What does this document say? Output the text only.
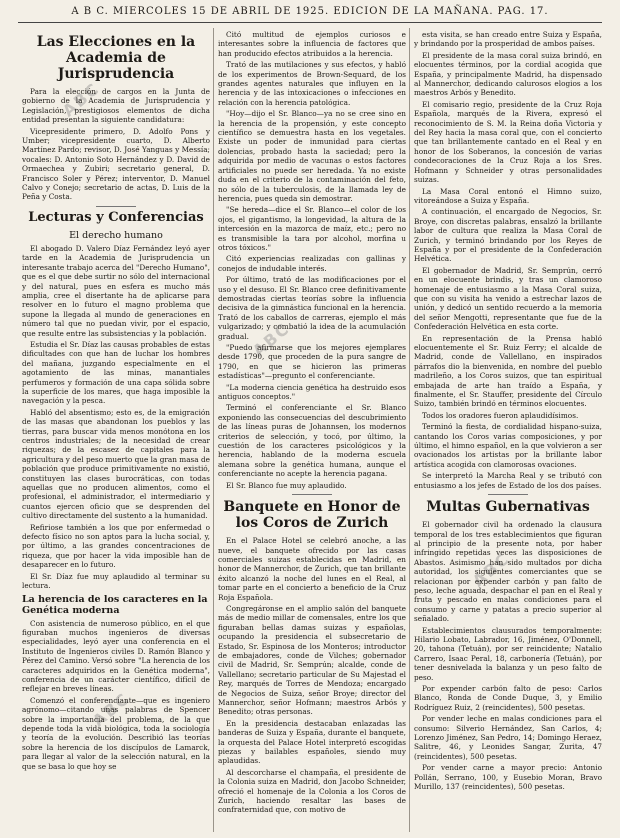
A B C. MIERCOLES 15 DE ABRIL DE 1925. EDICION DE LA MAÑANA. PAG. 17.
ABC
ABC
ABC
ABC
Las Elecciones en la Academia de Jurisprudencia

Para la elección de cargos en la Junta de gobierno de la Academia de Jurisprudencia y Legislación, prestigiosos elementos de dicha entidad presentan la siguiente candidatura:

Vicepresidente primero, D. Adolfo Pons y Umber; vicepresidente cuarto, D. Alberto Martínez Pardo; revisor, D. José Yanguas y Messía; vocales: D. Antonio Soto Hernández y D. David de Ormaechea y Zubiri; secretario general, D. Francisco Soler y Pérez; interventor, D. Manuel Calvo y Conejo; secretario de actas, D. Luis de la Peña y Costa.

Lecturas y Conferencias
El derecho humano

El abogado D. Valero Díaz Fernández leyó ayer tarde en la Academia de Jurisprudencia un interesante trabajo acerca del "Derecho Humano", que es el que debe surtir no sólo del internacional y del natural, pues en esfera es mucho más amplia, cree el disertante ha de aplicarse para resolver en lo futuro el magno problema que supone la llegada al mundo de generaciones en número tal que no puedan vivir, por el espacio, que resulte entre las subsistencias y la población.

Estudia el Sr. Díaz las causas probables de estas dificultades con que han de luchar los hombres del mañana, juzgando especialmente en el agotamiento de las minas, manantiales perfumeros y formación de una capa sólida sobre la superficie de los mares, que haga imposible la navegación y la pesca.

Habló del absentismo; esto es, de la emigración de las masas que abandonan los pueblos y las tierras, para buscar vida menos monótona en los centros industriales; de la necesidad de crear riquezas; de la escasez de capitales para la agricultura y del peso muerto que la gran masa de población que produce primitivamente no existió, constituyen las clases burocráticas, con todas aquellas que no producen alimentos, como el profesional, el administrador, el intermediario y cuantos ejercen oficio que se desprenden del cultivo directamente del sustento a la humanidad.

Refiriose también a los que por enfermedad o defecto físico no son aptos para la lucha social, y, por último, a las grandes concentraciones de riqueza, que por hacer la vida imposible han de desaparecer en lo futuro.

El Sr. Díaz fue muy aplaudido al terminar su lectura.

La herencia de los caracteres en la Genética moderna

Con asistencia de numeroso público, en el que figuraban muchos ingenieros de diversas especialidades, leyó ayer una conferencia en el Instituto de Ingenieros civiles D. Ramón Blanco y Pérez del Camino. Versó sobre "La herencia de los caracteres adquiridos en la Genética moderna", conferencia de un carácter científico, difícil de reflejar en breves líneas.

Comenzó el conferenciante—que es ingeniero agrónomo—citando unas palabras de Spencer sobre la importancia del problema, de la que depende toda la vida biológica, toda la sociología y teoría de la evolución. Describió las teorías sobre la herencia de los discípulos de Lamarck, para llegar al valor de la selección natural, en la que se basa lo que hoy se

Citó multitud de ejemplos curiosos e interesantes sobre la influencia de factores que han producido efectos atribuidos a la herencia.

Trató de las mutilaciones y sus efectos, y habló de los experimentos de Brown-Sequard, de los grandes agentes naturales que influyen en la herencia y de las intoxicaciones o infecciones en relación con la herencia patológica.

"Hoy—dijo el Sr. Blanco—ya no se cree sino en la herencia de la propensión, y este concepto científico se demuestra hasta en los vegetales. Existe un poder de inmunidad para ciertas dolencias, probado hasta la saciedad; pero la adquirida por medio de vacunas o estos factores artificiales no puede ser heredada. Ya no existe duda en el criterio de la contaminación del feto, no sólo de la tuberculosis, de la llamada ley de herencia, pues queda sin demostrar.

"Se hereda—dice el Sr. Blanco—el color de los ojos, el gigantismo, la longevidad, la altura de la intercesión en la mazorca de maíz, etc.; pero no es transmisible la tara por alcohol, morfina u otros tóxicos."

Citó experiencias realizadas con gallinas y conejos de indudable interés.

Por último, trató de las modificaciones por el uso y el desuso. El Sr. Blanco cree definitivamente demostradas ciertas teorías sobre la influencia decisiva de la gimnástica funcional en la herencia. Trató de los caballos de carreras, ejemplo el más vulgarizado; y combatió la idea de la acumulación gradual.

"Puedo afirmarse que los mejores ejemplares desde 1790, que proceden de la pura sangre de 1790, en que se hicieron las primeras estadísticas"—pregunto el conferenciante.

"La moderna ciencia genética ha destruido esos antiguos conceptos."

Terminó el conferenciante el Sr. Blanco exponiendo las consecuencias del descubrimiento de las líneas puras de Johannsen, los modernos criterios de selección, y tocó, por último, la cuestión de los caracteres psicológicos y la herencia, hablando de la moderna escuela alemana sobre la genética humana, aunque el conferenciante no acepte la herencia pagana.

El Sr. Blanco fue muy aplaudido.

Banquete en Honor de los Coros de Zurich

En el Palace Hotel se celebró anoche, a las nueve, el banquete ofrecido por las casas comerciales suizas establecidas en Madrid, en honor de Mannerchor, de Zurich, que tan brillante éxito alcanzó la noche del lunes en el Real, al tomar parte en el concierto a beneficio de la Cruz Roja Española.

Congregáronse en el amplio salón del banquete más de medio millar de comensales, entre los que figuraban bellas damas suizas y españolas, ocupando la presidencia el subsecretario de Estado, Sr. Espinosa de los Monteros; introductor de embajadores, conde de Vilches; gobernador civil de Madrid, Sr. Semprún; alcalde, conde de Vallellano; secretario particular de Su Majestad el Rey, marqués de Torres de Mendoza; encargado de Negocios de Suiza, señor Broye; director del Mannerchor, señor Hofmann; maestros Arbós y Benedito; otras personas.

En la presidencia destacaban enlazadas las banderas de Suiza y España, durante el banquete, la orquesta del Palace Hotel interpretó escogidas piezas y bailables españoles, siendo muy aplaudidas.

Al descorcharse el champaña, el presidente de la Colonia suiza en Madrid, don Jacobo Schneider, ofreció el homenaje de la Colonia a los Coros de Zurich, haciendo resaltar las bases de confraternidad que, con motivo de

esta visita, se han creado entre Suiza y España, y brindando por la prosperidad de ambos países.

El presidente de la masa coral suiza brindó, en elocuentes términos, por la cordial acogida que España, y principalmente Madrid, ha dispensado al Mannerchor, dedicando calurosos elogios a los maestros Arbós y Benedito.

El comisario regio, presidente de la Cruz Roja Española, marqués de la Rivera, expresó el reconocimiento de S. M. la Reina doña Victoria y del Rey hacia la masa coral que, con el concierto que tan brillantemente cantado en el Real y en honor de los Soberanos, la concesión de varias condecoraciones de la Cruz Roja a los Sres. Hofmann y Schneider y otras personalidades suizas.

La Masa Coral entonó el Himno suizo, vitoreándose a Suiza y España.

A continuación, el encargado de Negocios, Sr. Broye, con discretas palabras, ensalzó la brillante labor de cultura que realiza la Masa Coral de Zurich, y terminó brindando por los Reyes de España y por el presidente de la Confederación Helvética.

El gobernador de Madrid, Sr. Semprún, cerró en un elocuente brindis, y tras un clamoroso homenaje de entusiasmo a la Masa Coral suiza, que con su visita ha venido a estrechar lazos de unión, y dedicó un sentido recuerdo a la memoria del señor Mengotti, representante que fue de la Confederación Helvética en esta corte.

En representación de la Prensa habló elocuentemente el Sr. Ruiz Ferry; el alcalde de Madrid, conde de Vallellano, en inspirados párrafos dio la bienvenida, en nombre del pueblo madrileño, a los Coros suizos, que tan espiritual embajada de arte han traído a España, y finalmente, el Sr. Stauffer, presidente del Círculo Suizo, también brindó en términos elocuentes.

Todos los oradores fueron aplaudidísimos.

Terminó la fiesta, de cordialidad hispano-suiza, cantando los Coros varias composiciones, y por último, el himno español, en la que volvieron a ser ovacionados los artistas por la brillante labor artística acogida con clamorosas ovaciones.

Se interpretó la Marcha Real y se tributó con entusiasmo a los jefes de Estado de los dos países.

Multas Gubernativas

El gobernador civil ha ordenado la clausura temporal de los tres establecimientos que figuran al principio de la presente nota, por haber infringido repetidas veces las disposiciones de Abastos. Asimismo han sido multados por dicha autoridad, los siguientes comerciantes que se relacionan por expender carbón y pan falto de peso, leche aguada, despachar el pan en el Real y fruta y pescado en malas condiciones para el consumo y carne y patatas a precio superior al señalado.

Establecimientos clausurados temporalmente: Hilario Lobato, Labrador, 16, Jiménez, O'Donnell, 20, tahona (Tetuán), por ser reincidente; Natalio Carrero, Isaac Peral, 18, carbonería (Tetuán), por tener desnivelada la balanza y un peso falto de peso.

Por expender carbón falto de peso: Carlos Blanco, Ronda de Conde Duque, 3, y Emilio Rodríguez Ruiz, 2 (reincidentes), 500 pesetas.

Por vender leche en malas condiciones para el consumo: Silverio Hernández, San Carlos, 4; Lorenzo Jiménez, San Pedro, 14; Domingo Heraez, Salitre, 46, y Leonides Sangar, Zurita, 47 (reincidentes), 500 pesetas.

Por vender carne a mayor precio: Antonio Pollán, Serrano, 100, y Eusebio Moran, Bravo Murillo, 137 (reincidentes), 500 pesetas.
